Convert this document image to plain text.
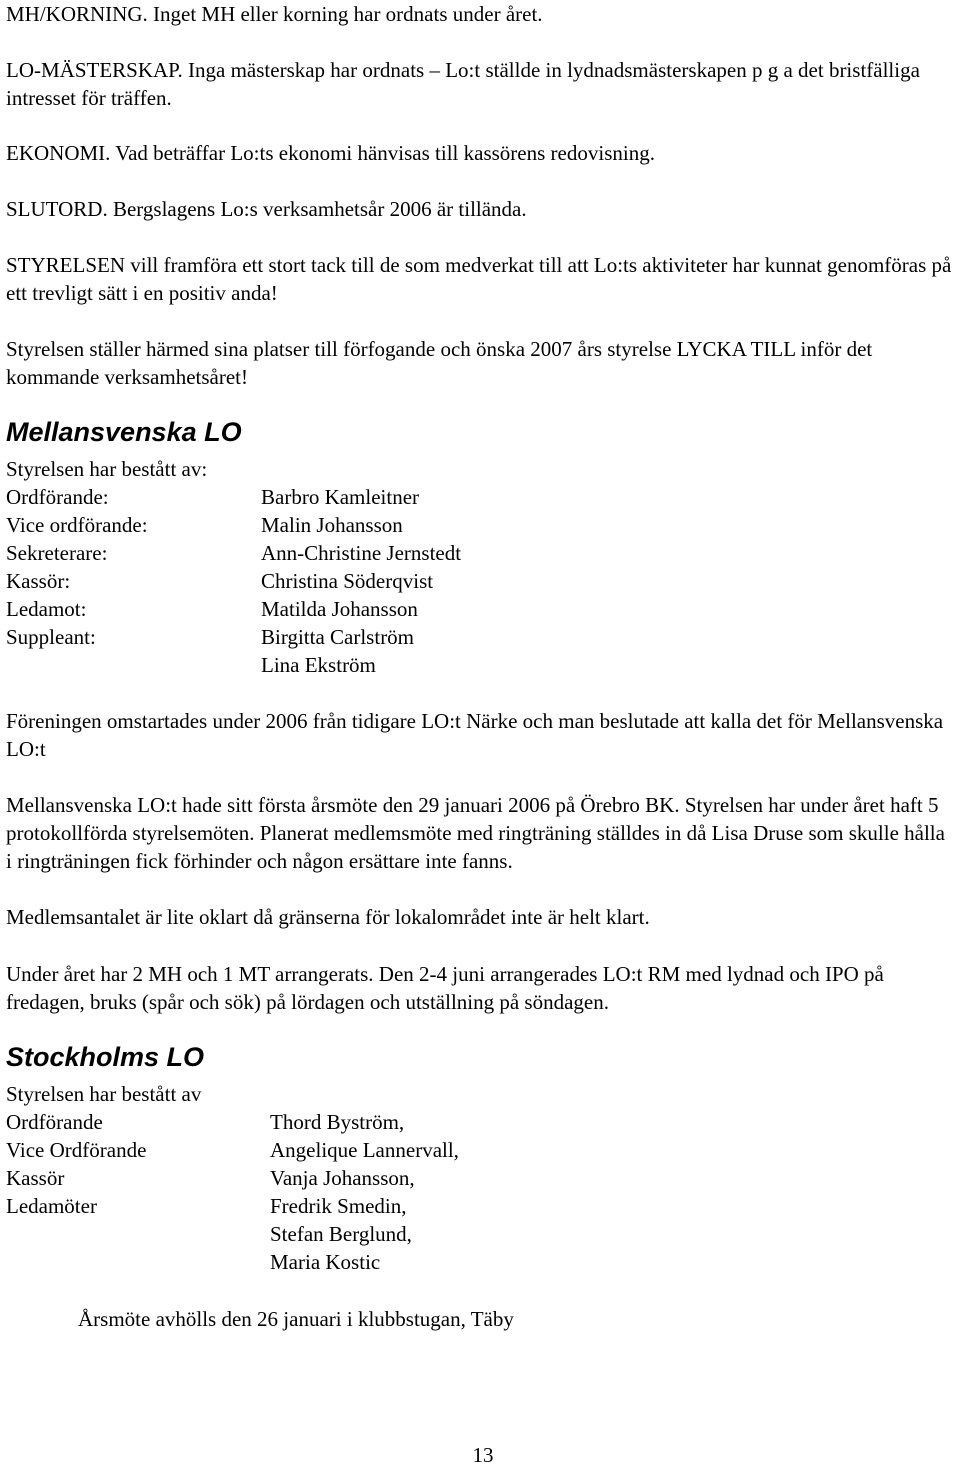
MH/KORNING. Inget MH eller korning har ordnats under året.

LO-MÄSTERSKAP. Inga mästerskap har ordnats – Lo:t ställde in lydnadsmästerskapen p g a det bristfälliga intresset för träffen.

EKONOMI. Vad beträffar Lo:ts ekonomi hänvisas till kassörens redovisning.

SLUTORD. Bergslagens Lo:s verksamhetsår 2006 är tillända.

STYRELSEN vill framföra ett stort tack till de som medverkat till att Lo:ts aktiviteter har kunnat genomföras på ett trevligt sätt i en positiv anda!

Styrelsen ställer härmed sina platser till förfogande och önska 2007 års styrelse LYCKA TILL inför det kommande verksamhetsåret!

Mellansvenska LO

Styrelsen har bestått av:

Ordförande:

Vice ordförande:

Sekreterare:

Kassör:

Ledamot:

Suppleant:

Barbro Kamleitner

Malin Johansson

Ann-Christine Jernstedt

Christina Söderqvist

Matilda Johansson

Birgitta Carlström

Lina Ekström

Föreningen omstartades under 2006 från tidigare LO:t Närke och man beslutade att kalla det för Mellansvenska LO:t

Mellansvenska LO:t hade sitt första årsmöte den 29 januari 2006 på Örebro BK. Styrelsen har under året haft 5 protokollförda styrelsemöten. Planerat medlemsmöte med ringträning ställdes in då Lisa Druse som skulle hålla i ringträningen fick förhinder och någon ersättare inte fanns.

Medlemsantalet är lite oklart då gränserna för lokalområdet inte är helt klart.

Under året har 2 MH och 1 MT arrangerats. Den 2-4 juni arrangerades LO:t RM med lydnad och IPO på fredagen, bruks (spår och sök) på lördagen och utställning på söndagen.

Stockholms LO

Styrelsen har bestått av

Ordförande

Vice Ordförande

Kassör

Ledamöter

Thord Byström,

Angelique Lannervall,

Vanja Johansson,

Fredrik Smedin,

Stefan Berglund,

Maria Kostic

Årsmöte avhölls den 26 januari i klubbstugan, Täby

13
